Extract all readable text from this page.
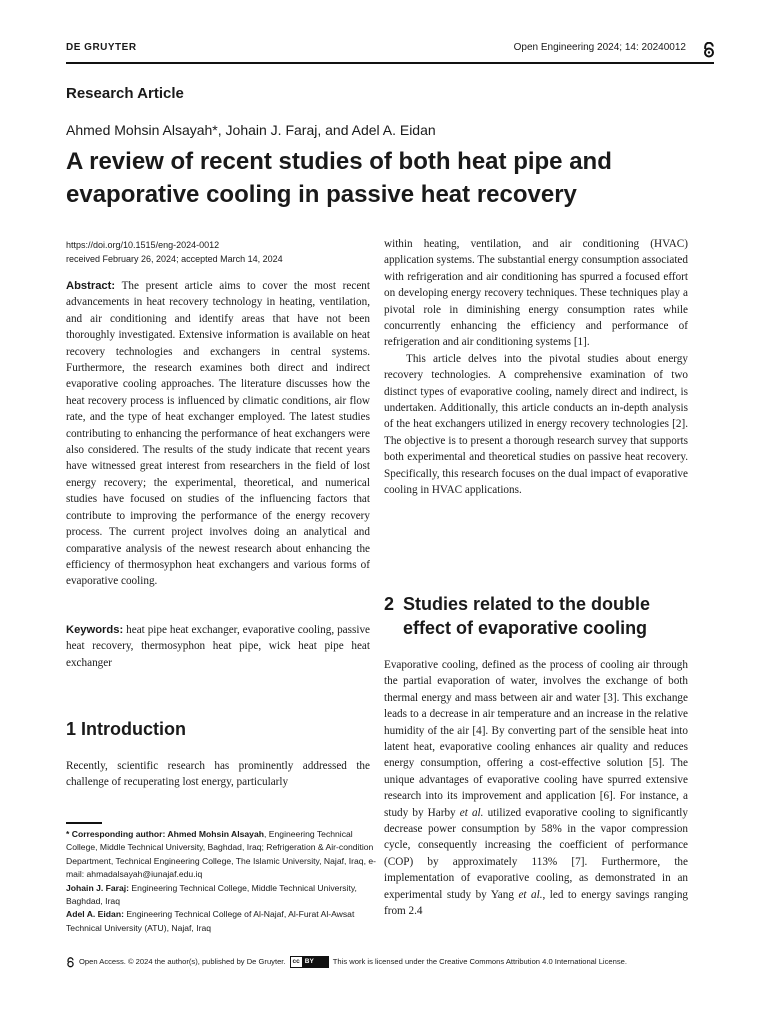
DE GRUYTER	Open Engineering 2024; 14: 20240012
Research Article
Ahmed Mohsin Alsayah*, Johain J. Faraj, and Adel A. Eidan
A review of recent studies of both heat pipe and evaporative cooling in passive heat recovery
https://doi.org/10.1515/eng-2024-0012
received February 26, 2024; accepted March 14, 2024

Abstract: The present article aims to cover the most recent advancements in heat recovery technology in heating, ventilation, and air conditioning and identify areas that have not been thoroughly investigated. Extensive information is available on heat recovery technologies and exchangers in central systems. Furthermore, the research examines both direct and indirect evaporative cooling approaches. The literature discusses how the heat recovery process is influenced by climatic conditions, air flow rate, and the type of heat exchanger employed. The latest studies contributing to enhancing the performance of heat exchangers were also considered. The results of the study indicate that recent years have witnessed great interest from researchers in the field of lost energy recovery; the experimental, theoretical, and numerical studies have focused on studies of the influencing factors that contribute to improving the performance of the energy recovery process. The current project involves doing an analytical and comparative analysis of the newest research about enhancing the efficiency of thermosyphon heat exchangers and various forms of evaporative cooling.

Keywords: heat pipe heat exchanger, evaporative cooling, passive heat recovery, thermosyphon heat pipe, wick heat pipe heat exchanger

1 Introduction

Recently, scientific research has prominently addressed the challenge of recuperating lost energy, particularly

* Corresponding author: Ahmed Mohsin Alsayah, Engineering Technical College, Middle Technical University, Baghdad, Iraq; Refrigeration & Air-condition Department, Technical Engineering College, The Islamic University, Najaf, Iraq, e-mail: ahmadalsayah@iunajaf.edu.iq

Johain J. Faraj: Engineering Technical College, Middle Technical University, Baghdad, Iraq

Adel A. Eidan: Engineering Technical College of Al-Najaf, Al-Furat Al-Awsat Technical University (ATU), Najaf, Iraq

within heating, ventilation, and air conditioning (HVAC) application systems. The substantial energy consumption associated with refrigeration and air conditioning has spurred a focused effort on developing energy recovery techniques. These techniques play a pivotal role in diminishing energy consumption rates while concurrently enhancing the efficiency and performance of refrigeration and air conditioning systems [1].

This article delves into the pivotal studies about energy recovery technologies. A comprehensive examination of two distinct types of evaporative cooling, namely direct and indirect, is undertaken. Additionally, this article conducts an in-depth analysis of the heat exchangers utilized in energy recovery technologies [2]. The objective is to present a thorough research survey that supports both experimental and theoretical studies on passive heat recovery. Specifically, this research focuses on the dual impact of evaporative cooling in HVAC applications.

2 Studies related to the double effect of evaporative cooling

Evaporative cooling, defined as the process of cooling air through the partial evaporation of water, involves the exchange of both thermal energy and mass between air and water [3]. This exchange leads to a decrease in air temperature and an increase in the relative humidity of the air [4]. By converting part of the sensible heat into latent heat, evaporative cooling enhances air quality and reduces energy consumption, offering a cost-effective solution [5]. The unique advantages of evaporative cooling have spurred extensive research into its improvement and application [6]. For instance, a study by Harby et al. utilized evaporative cooling to significantly decrease power consumption by 58% in the vapor compression cycle, consequently increasing the coefficient of performance (COP) by approximately 113% [7]. Furthermore, the implementation of evaporative cooling, as demonstrated in an experimental study by Yang et al., led to energy savings ranging from 2.4

Open Access. © 2024 the author(s), published by De Gruyter.	cc BY	This work is licensed under the Creative Commons Attribution 4.0 International License.
